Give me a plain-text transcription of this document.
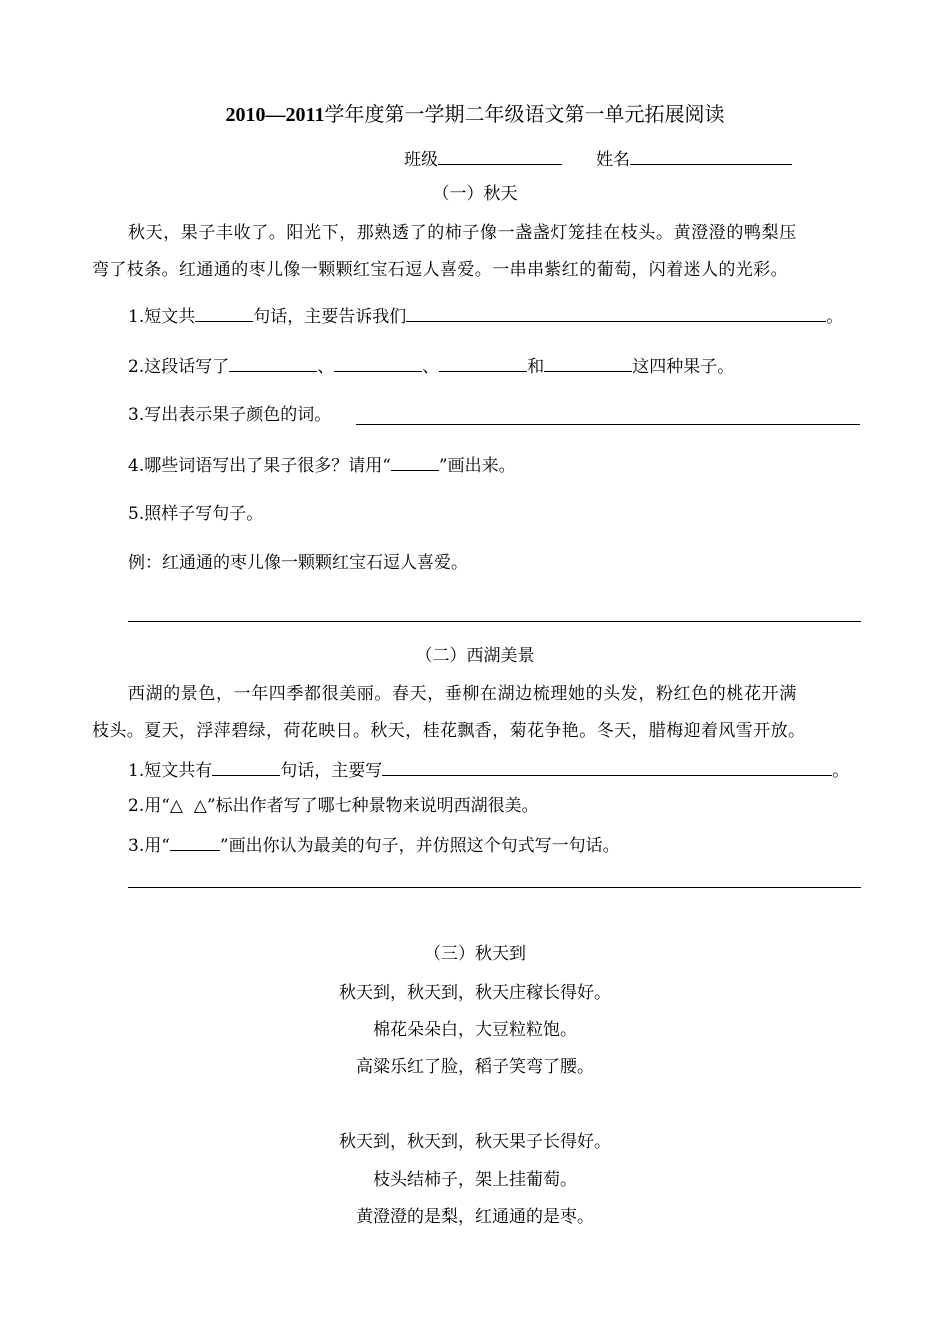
2010—2011学年度第一学期二年级语文第一单元拓展阅读
班级	姓名
（一）秋天
秋天，果子丰收了。阳光下，那熟透了的柿子像一盏盏灯笼挂在枝头。黄澄澄的鸭梨压
弯了枝条。红通通的枣儿像一颗颗红宝石逗人喜爱。一串串紫红的葡萄，闪着迷人的光彩。
1.短文共	句话，主要告诉我们	。
2.这段话写了	、	、	和	这四种果子。
3.写出表示果子颜色的词。
4.哪些词语写出了果子很多？请用“	”画出来。
5.照样子写句子。
例：红通通的枣儿像一颗颗红宝石逗人喜爱。
（二）西湖美景
西湖的景色，一年四季都很美丽。春天，垂柳在湖边梳理她的头发，粉红色的桃花开满
枝头。夏天，浮萍碧绿，荷花映日。秋天，桂花飘香，菊花争艳。冬天，腊梅迎着风雪开放。
1.短文共有	句话，主要写	。
2.用“△  △”标出作者写了哪七种景物来说明西湖很美。
3.用“	”画出你认为最美的句子，并仿照这个句式写一句话。
（三）秋天到
秋天到，秋天到，秋天庄稼长得好。
棉花朵朵白，大豆粒粒饱。
高粱乐红了脸，稻子笑弯了腰。
秋天到，秋天到，秋天果子长得好。
枝头结柿子，架上挂葡萄。
黄澄澄的是梨，红通通的是枣。
